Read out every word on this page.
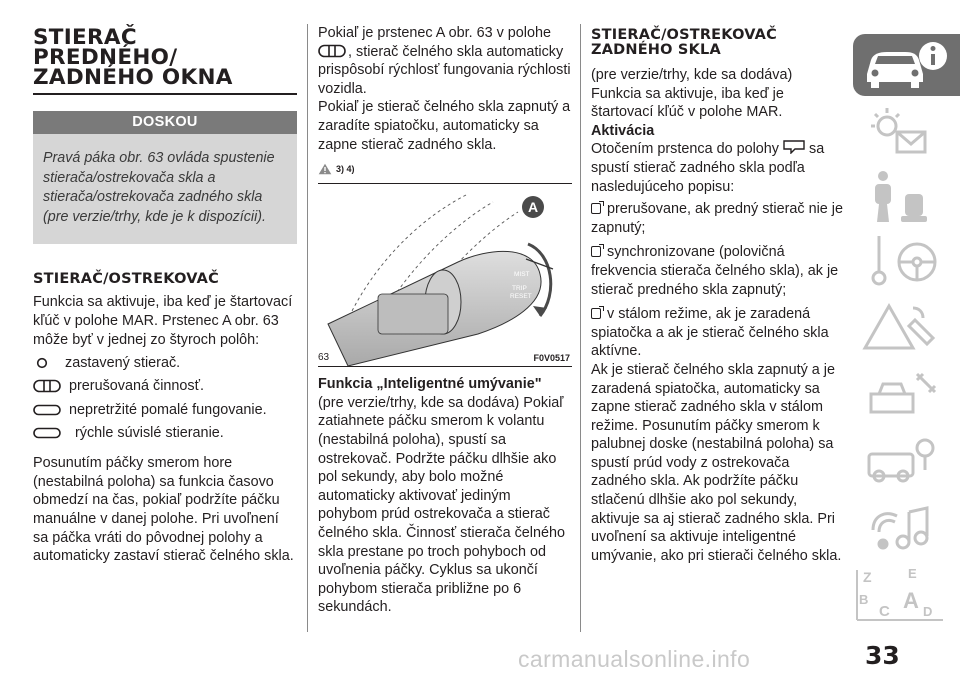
STIERAČ
PREDNÉHO/
ZADNÉHO OKNA
DOSKOU
Pravá páka obr. 63 ovláda spustenie stierača/ostrekovača skla a stierača/ostrekovača zadného skla (pre verzie/trhy, kde je k dispozícii).
STIERAČ/OSTREKOVAČ
Funkcia sa aktivuje, iba keď je štartovací kľúč v polohe MAR. Prstenec A obr. 63 môže byť v jednej zo štyroch polôh:
zastavený stierač.
prerušovaná činnosť.
nepretržité pomalé fungovanie.
rýchle súvislé stieranie.
Posunutím páčky smerom hore (nestabilná poloha) sa funkcia časovo obmedzí na čas, pokiaľ podržíte páčku manuálne v danej polohe. Pri uvoľnení sa páčka vráti do pôvodnej polohy a automaticky zastaví stierač čelného skla.
Pokiaľ je prstenec A obr. 63 v polohe

, stierač čelného skla automaticky prispôsobí rýchlosť fungovania rýchlosti vozidla.
Pokiaľ je stierač čelného skla zapnutý a zaradíte spiatočku, automaticky sa zapne stierač zadného skla.
3) 4)
A
MIST
TRIP
RESET
63	F0V0517
Funkcia „Inteligentné umývanie"
(pre verzie/trhy, kde sa dodáva) Pokiaľ zatiahnete páčku smerom k volantu (nestabilná poloha), spustí sa ostrekovač. Podržte páčku dlhšie ako pol sekundy, aby bolo možné automaticky aktivovať jediným pohybom prúd ostrekovača a stierač čelného skla. Činnosť stierača čelného skla prestane po troch pohyboch od uvoľnenia páčky. Cyklus sa ukončí pohybom stierača približne po 6 sekundách.
STIERAČ/OSTREKOVAČ
ZADNÉHO SKLA
(pre verzie/trhy, kde sa dodáva) Funkcia sa aktivuje, iba keď je štartovací kľúč v polohe MAR.
Aktivácia
Otočením prstenca do polohy sa spustí stierač zadného skla podľa nasledujúceho popisu:
prerušovane, ak predný stierač nie je zapnutý;
synchronizovane (polovičná frekvencia stierača čelného skla), ak je stierač predného skla zapnutý;
v stálom režime, ak je zaradená spiatočka a ak je stierač čelného skla aktívne.
Ak je stierač čelného skla zapnutý a je zaradená spiatočka, automaticky sa zapne stierač zadného skla v stálom režime. Posunutím páčky smerom k palubnej doske (nestabilná poloha) sa spustí prúd vody z ostrekovača zadného skla. Ak podržíte páčku stlačenú dlhšie ako pol sekundy, aktivuje sa aj stierač zadného skla. Pri uvoľnení sa aktivuje inteligentné umývanie, ako pri stierači čelného skla.
Z	E
B
C A D
33
carmanualsonline.info
